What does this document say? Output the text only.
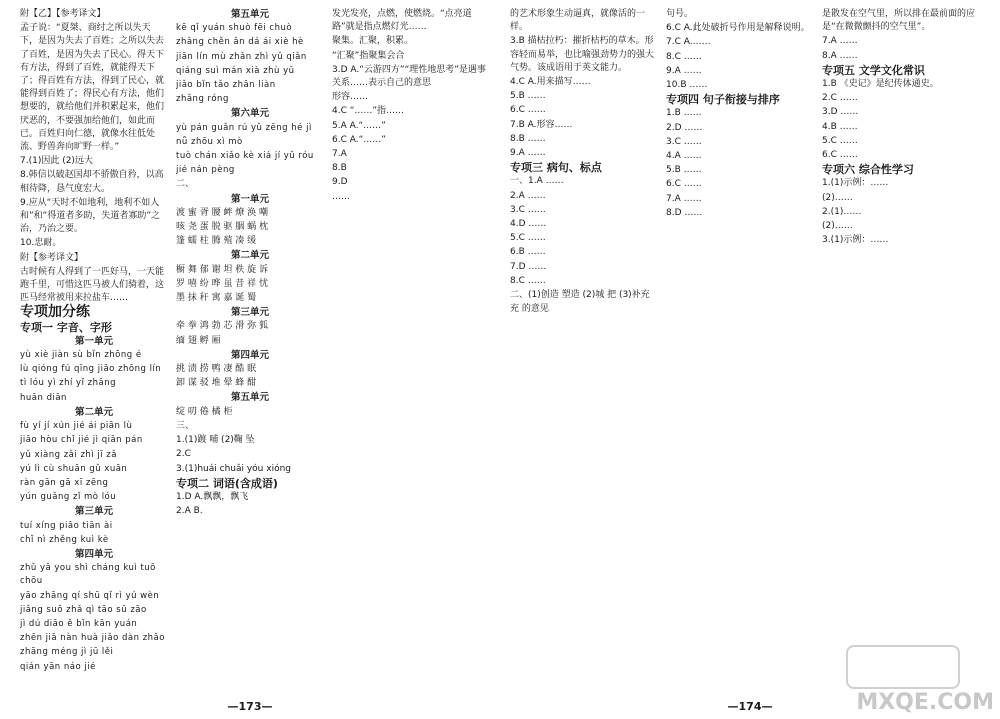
附【乙】【参考译文】

孟子说：“夏桀、商纣之所以失天下，是因为失去了百姓；之所以失去了百姓，是因为失去了民心。得天下有方法，得到了百姓，就能得天下了；得百姓有方法，得到了民心，就能得到百姓了；得民心有方法，他们想要的，就给他们并积累起来，他们厌恶的，不要强加给他们，如此而已。百姓归向仁德，就像水往低处流、野兽奔向旷野一样。”

7.(1)因此 (2)远大

8.韩信以破赵国却不骄傲自矜，以高相待降，恳气度宏大。

9.应从“天时不如地利，地利不如人和”和“得道者多助，失道者寡助”之治，乃治之要。

10.忠耐。

附【参考译文】

古时候有人得到了一匹好马，一天能跑千里，可惜这匹马被人们骑着，这匹马经常被用来拉盐车……

专项加分练

专项一 字音、字形

第一单元

yù xiè jiàn sù bǐn zhōng é

lù qióng fú qīng jiāo zhōng lín

tì lóu yì zhí yǐ zhǎng

huān diān

第二单元

fù yí jí xún jié ái piān lù

jiāo hòu chǐ jié jì qiān pán

yǔ xiàng zǎi zhì jī zǎ

yú lì cù shuān gǔ xuān

ràn gān gā xī zēng

yún guǎng zǐ mò lóu

第三单元

tuí xíng piāo tiān ài

chǐ nì zhěng kuì kè

第四单元

zhǔ yǎ you shì cháng kuì tuō chōu

yāo zhāng qí shū qǐ rì yú wèn

jiǎng suǒ zhǎ qì tāo sǔ zāo

jì dú diāo ě bǐn kān yuán

zhēn jiā nàn huà jiǎo dàn zhǎo

zhāng méng jì jū lěi

qián yān náo jié

第五单元

kē qǐ yuán shuò fēi chuò

zhǎng chěn ǎn dá ái xiè hè

jiān lín mù zhǎn zhì yǔ qiǎn

qiáng suì mán xià zhù yǔ

jiǎo bǐn tǎo zhān liàn

zhǎng róng

第六单元

yù pán guǎn rú yǔ zēng hé jì

nǚ zhōu xì mò

tuò chán xiǎo kè xiá jí yǔ róu

jié nán pèng

二、

第一单元

渡 蜜 胥 腰 衅 燎 涣 嘲

咳 尧 蛋 脱 驱 胭 蜗 枕

篷 蠕 柱 腾 殖 凑 缓

第二单元

橱 舞 郁 谢 坦 秩 旋 诉

罗 嘻 纷 哗 虽 昔 祥 忧

墨 抹 秆 寓 嘉 诞 蜀

第三单元

牵 拳 鸿 勃 芯 滑 弥 狐

缅 翅 孵 厢

第四单元

挑 渍 捞 鸭 凄 酷 眠

卸 谋 驳 堆 晕 蜂 酣

第五单元

绽 叨 倦 橘 柜

三、

1.(1)踱 哺 (2)鞠 坠

2.C

3.(1)huái chuǎi yóu xióng

专项二 词语(含成语)

1.D A.飘飘，飘飞

2.A B.

发光发亮，点燃，使燃烧。“点亮道路”就是指点燃灯光……

聚集。汇聚，积累。

“汇聚”指聚集会合

3.D A.“云游四方”“理性地思考”是遇事关系……表示自己的意思

形容……

4.C “……”指……

5.A A.“……”

6.C A.“……”

7.A

8.B

9.D

……

—173—

的艺术形象生动逼真，就像活的一样。

3.B 描枯拉朽：摧折枯朽的草木。形容轻而易举，也比喻强劲势力的强大气势。该成语用于英文能力。

4.C A.用来描写……

5.B ……

6.C ……

7.B A.形容……

8.B ……

9.A ……

专项三 病句、标点

一、1.A ……

2.A ……

3.C ……

4.D ……

5.C ……

6.B ……

7.D ……

8.C ……

二、(1)创造 塑造 (2)城 把 (3)补充

充 的意见

句号。

6.C A.此处破折号作用是解释说明。

7.C A.……

8.C ……

9.A ……

10.B ……

专项四 句子衔接与排序

1.B ……

2.D ……

3.C ……

4.A ……

5.B ……

6.C ……

7.A ……

8.D ……

是散发在空气里，所以排在最前面的应是“在微微颤抖的空气里”。

7.A ……

8.A ……

专项五 文学文化常识

1.B 《史记》是纪传体通史。

2.C ……

3.D ……

4.B ……

5.C ……

6.C ……

专项六 综合性学习

1.(1)示例：……

(2)……

2.(1)……

(2)……

3.(1)示例：……

—174—	MXQE.COM
